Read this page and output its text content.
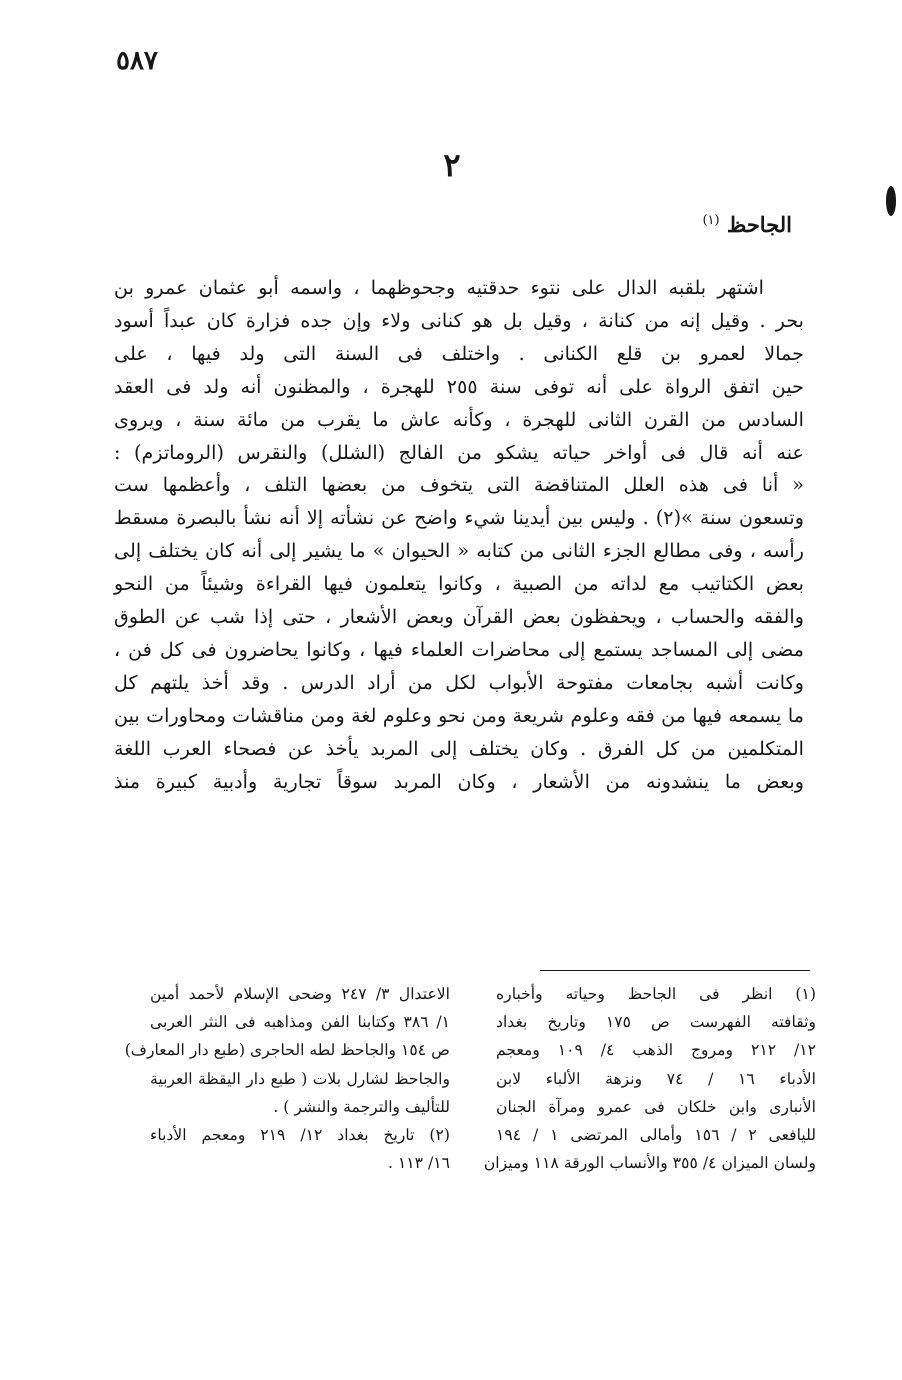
٥٨٧
٢
الجاحظ $^{(١)}$
اشتهر بلقبه الدال على نتوء حدقتيه وجحوظهما ، واسمه أبو عثمان عمرو بن
بحر . وقيل إنه من كنانة ، وقيل بل هو كنانى ولاء وإن جده فزارة كان عبداً أسود
جمالا لعمرو بن قلع الكنانى . واختلف فى السنة التى ولد فيها ، على
حين اتفق الرواة على أنه توفى سنة ٢٥٥ للهجرة ، والمظنون أنه ولد فى العقد
السادس من القرن الثانى للهجرة ، وكأنه عاش ما يقرب من مائة سنة ، ويروى
عنه أنه قال فى أواخر حياته يشكو من الفالج (الشلل) والنقرس (الروماتزم) :
« أنا فى هذه العلل المتناقضة التى يتخوف من بعضها التلف ، وأعظمها ست
وتسعون سنة »(٢) . وليس بين أيدينا شيء واضح عن نشأته إلا أنه نشأ بالبصرة مسقط
رأسه ، وفى مطالع الجزء الثانى من كتابه « الحيوان » ما يشير إلى أنه كان يختلف إلى
بعض الكتاتيب مع لداته من الصبية ، وكانوا يتعلمون فيها القراءة وشيئاً من النحو
والفقه والحساب ، ويحفظون بعض القرآن وبعض الأشعار ، حتى إذا شب عن الطوق
مضى إلى المساجد يستمع إلى محاضرات العلماء فيها ، وكانوا يحاضرون فى كل فن ،
وكانت أشبه بجامعات مفتوحة الأبواب لكل من أراد الدرس . وقد أخذ يلتهم كل
ما يسمعه فيها من فقه وعلوم شريعة ومن نحو وعلوم لغة ومن مناقشات ومحاورات بين
المتكلمين من كل الفرق . وكان يختلف إلى المربد يأخذ عن فصحاء العرب اللغة
وبعض ما ينشدونه من الأشعار ، وكان المربد سوقاً تجارية وأدبية كبيرة منذ
(١) انظر فى الجاحظ وحياته وأخباره
وثقافته الفهرست ص ١٧٥ وتاريخ بغداد
١٢/ ٢١٢ ومروج الذهب ٤/ ١٠٩ ومعجم
الأدباء ١٦ / ٧٤ ونزهة الألباء لابن
الأنبارى وابن خلكان فى عمرو ومرآة الجنان
لليافعى ٢ / ١٥٦ وأمالى المرتضى ١ / ١٩٤
ولسان الميزان ٤/ ٣٥٥ والأنساب الورقة ١١٨ وميزان
الاعتدال ٣/ ٢٤٧ وضحى الإسلام لأحمد أمين
١/ ٣٨٦ وكتابنا الفن ومذاهبه فى النثر العربى
ص ١٥٤ والجاحظ لطه الحاجرى (طبع دار المعارف)
والجاحظ لشارل بلات ( طبع دار اليقظة العربية
للتأليف والترجمة والنشر ) .
(٢) تاريخ بغداد ١٢/ ٢١٩ ومعجم الأدباء
١٦/ ١١٣ .
